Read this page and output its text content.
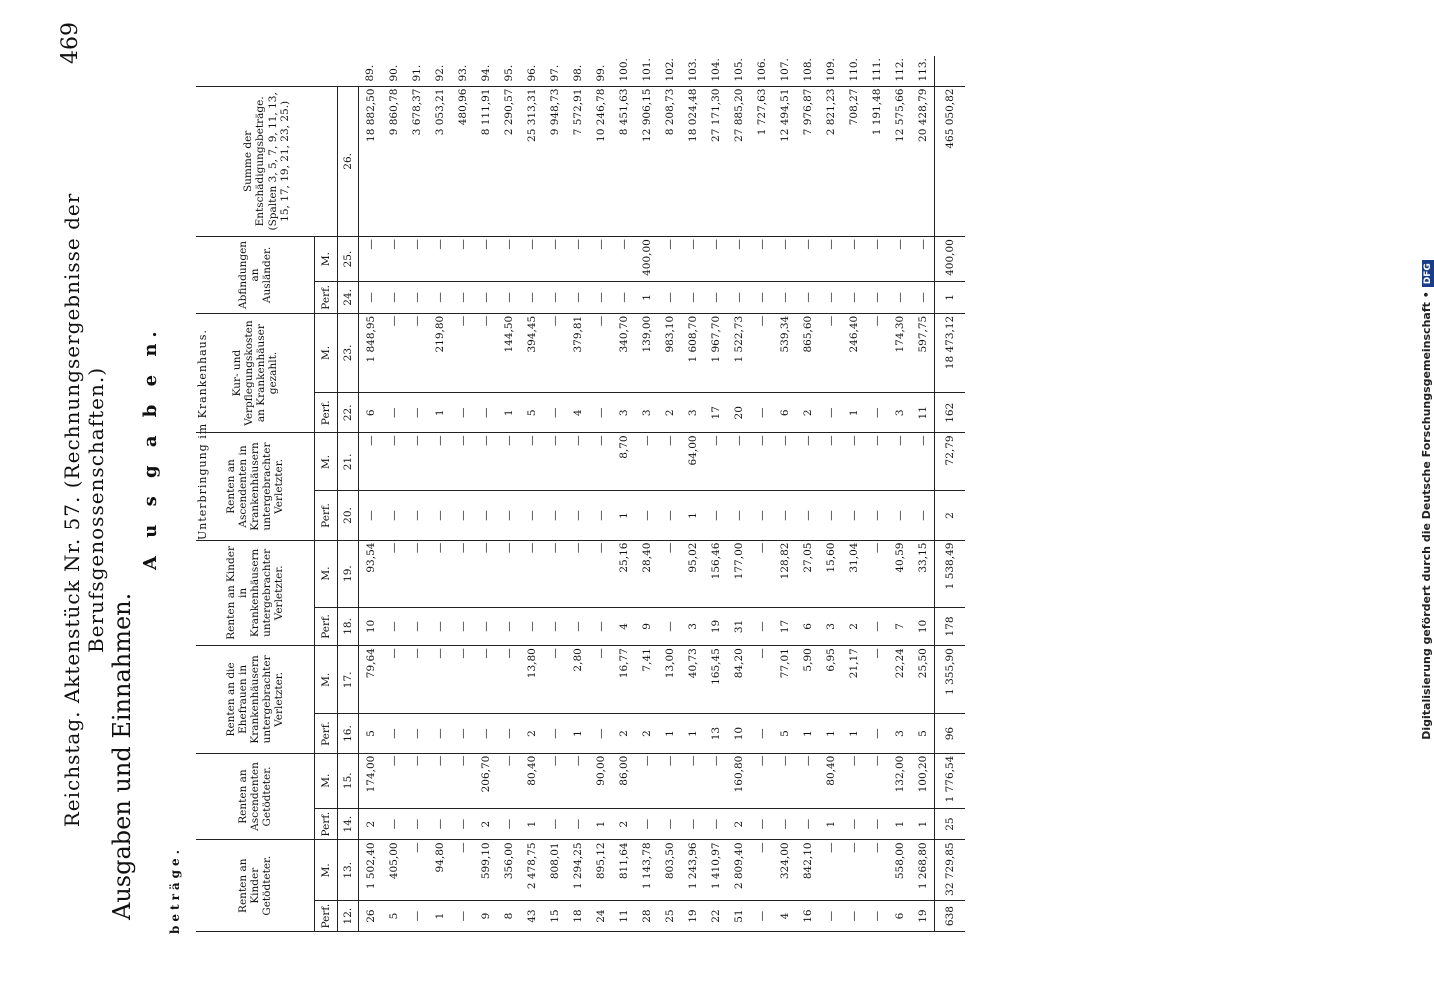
Reichstag. Aktenstück Nr. 57. (Rechnungsergebnisse der Berufsgenossenschaften.)
469
Ausgaben und Einnahmen.
A u s g a b e n.
beträge.
Unterbringung im Krankenhaus.
Renten an Kinder Getödteter.		Renten an Ascendenten Getödteter.		Renten an die Ehefrauen in Krankenhäusern untergebrachter Verletzter.		Renten an Kinder in Krankenhäusern untergebrachter Verletzter.		Renten an Ascendenten in Krankenhäusern untergebrachter Verletzter.		Kur- und Verpflegungskosten an Krankenhäuser gezahlt.		Abfindungen an Ausländer.		Summe der Entschädigungsbeträge. (Spalten 3, 5, 7, 9, 11, 13, 15, 17, 19, 21, 23, 25.)	
Perf.	M.	Perf.	M.	Perf.	M.	Perf.	M.	Perf.	M.	Perf.	M.	Perf.	M.	
12.	13.	14.	15.	16.	17.	18.	19.	20.	21.	22.	23.	24.	25.	26.	
26	1 502,40	2	174,00	5	79,64	10	93,54	—	—	6	1 848,95	—	—	18 882,50	89.
5	405,00	—	—	—	—	—	—	—	—	—	—	—	—	9 860,78	90.
—	—	—	—	—	—	—	—	—	—	—	—	—	—	3 678,37	91.
1	94,80	—	—	—	—	—	—	—	—	1	219,80	—	—	3 053,21	92.
—	—	—	—	—	—	—	—	—	—	—	—	—	—	480,96	93.
9	599,10	2	206,70	—	—	—	—	—	—	—	—	—	—	8 111,91	94.
8	356,00	—	—	—	—	—	—	—	—	1	144,50	—	—	2 290,57	95.
43	2 478,75	1	80,40	2	13,80	—	—	—	—	5	394,45	—	—	25 313,31	96.
15	808,01	—	—	—	—	—	—	—	—	—	—	—	—	9 948,73	97.
18	1 294,25	—	—	1	2,80	—	—	—	—	4	379,81	—	—	7 572,91	98.
24	895,12	1	90,00	—	—	—	—	—	—	—	—	—	—	10 246,78	99.
11	811,64	2	86,00	2	16,77	4	25,16	1	8,70	3	340,70	—	—	8 451,63	100.
28	1 143,78	—	—	2	7,41	9	28,40	—	—	3	139,00	1	400,00	12 906,15	101.
25	803,50	—	—	1	13,00	—	—	—	—	2	983,10	—	—	8 208,73	102.
19	1 243,96	—	—	1	40,73	3	95,02	1	64,00	3	1 608,70	—	—	18 024,48	103.
22	1 410,97	—	—	13	165,45	19	156,46	—	—	17	1 967,70	—	—	27 171,30	104.
51	2 809,40	2	160,80	10	84,20	31	177,00	—	—	20	1 522,73	—	—	27 885,20	105.
—	—	—	—	—	—	—	—	—	—	—	—	—	—	1 727,63	106.
4	324,00	—	—	5	77,01	17	128,82	—	—	6	539,34	—	—	12 494,51	107.
16	842,10	—	—	1	5,90	6	27,05	—	—	2	865,60	—	—	7 976,87	108.
—	—	1	80,40	1	6,95	3	15,60	—	—	—	—	—	—	2 821,23	109.
—	—	—	—	1	21,17	2	31,04	—	—	1	246,40	—	—	708,27	110.
—	—	—	—	—	—	—	—	—	—	—	—	—	—	1 191,48	111.
6	558,00	1	132,00	3	22,24	7	40,59	—	—	3	174,30	—	—	12 575,66	112.
19	1 268,80	1	100,20	5	25,50	10	33,15	—	—	11	597,75	—	—	20 428,79	113.
638	32 729,85	25	1 776,54	96	1 355,90	178	1 538,49	2	72,79	162	18 473,12	1	400,00	465 050,82	
Digitalisierung gefördert durch die Deutsche Forschungsgemeinschaft •DFG
